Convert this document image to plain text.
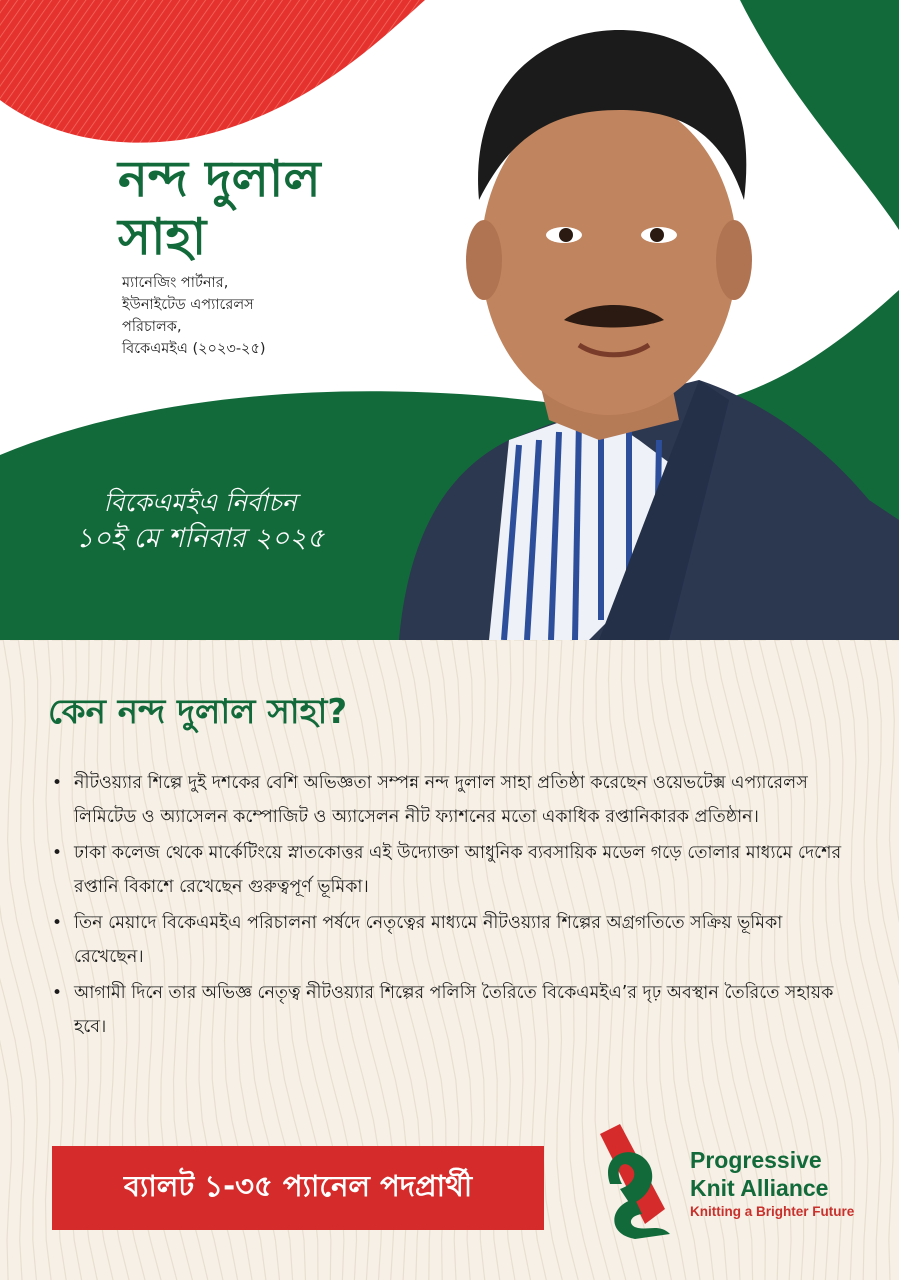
নন্দ দুলাল সাহা
ম্যানেজিং পার্টনার,
ইউনাইটেড এপ্যারেলস
পরিচালক,
বিকেএমইএ (২০২৩-২৫)
বিকেএমইএ নির্বাচন
১০ই মে শনিবার ২০২৫
কেন নন্দ দুলাল সাহা?
• নীটওয়্যার শিল্পে দুই দশকের বেশি অভিজ্ঞতা সম্পন্ন নন্দ দুলাল সাহা প্রতিষ্ঠা করেছেন ওয়েভটেক্স এপ্যারেলস লিমিটেড ও অ্যাসেলন কম্পোজিট ও অ্যাসেলন নীট ফ্যাশনের মতো একাধিক রপ্তানিকারক প্রতিষ্ঠান।
• ঢাকা কলেজ থেকে মার্কেটিংয়ে স্নাতকোত্তর এই উদ্যোক্তা আধুনিক ব্যবসায়িক মডেল গড়ে তোলার মাধ্যমে দেশের রপ্তানি বিকাশে রেখেছেন গুরুত্বপূর্ণ ভূমিকা।
• তিন মেয়াদে বিকেএমইএ পরিচালনা পর্ষদে নেতৃত্বের মাধ্যমে নীটওয়্যার শিল্পের অগ্রগতিতে সক্রিয় ভূমিকা রেখেছেন।
• আগামী দিনে তার অভিজ্ঞ নেতৃত্ব নীটওয়্যার শিল্পের পলিসি তৈরিতে বিকেএমইএ’র দৃঢ় অবস্থান তৈরিতে সহায়ক হবে।
ব্যালট ১-৩৫ প্যানেল পদপ্রার্থী
Progressive
Knit Alliance
Knitting a Brighter Future
